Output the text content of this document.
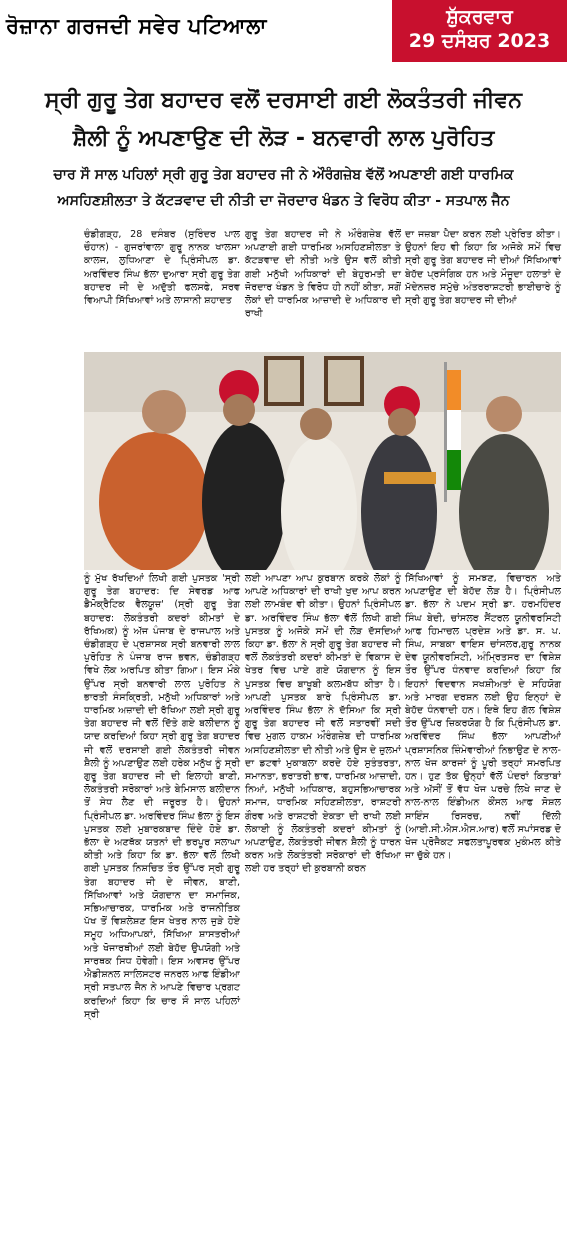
ਰੋਜ਼ਾਨਾ ਗਰਜਦੀ ਸਵੇਰ ਪਟਿਆਲਾ	ਸ਼ੁੱਕਰਵਾਰ
29 ਦਸੰਬਰ 2023
ਸ੍ਰੀ ਗੁਰੂ ਤੇਗ ਬਹਾਦਰ ਵਲੋਂ ਦਰਸਾਈ ਗਈ ਲੋਕਤੰਤਰੀ ਜੀਵਨ
ਸ਼ੈਲੀ ਨੂੰ ਅਪਣਾਉਣ ਦੀ ਲੋੜ - ਬਨਵਾਰੀ ਲਾਲ ਪੁਰੋਹਿਤ
ਚਾਰ ਸੌ ਸਾਲ ਪਹਿਲਾਂ ਸ੍ਰੀ ਗੁਰੂ ਤੇਗ ਬਹਾਦਰ ਜੀ ਨੇ ਔਰੰਗਜ਼ੇਬ ਵੱਲੋਂ ਅਪਣਾਈ ਗਈ ਧਾਰਮਿਕ
ਅਸਹਿਣਸ਼ੀਲਤਾ ਤੇ ਕੱਟੜਵਾਦ ਦੀ ਨੀਤੀ ਦਾ ਜੋਰਦਾਰ ਖੰਡਨ ਤੇ ਵਿਰੋਧ ਕੀਤਾ - ਸਤਪਾਲ ਜੈਨ

ਚੰਡੀਗੜ੍ਹ, 28 ਦਸੰਬਰ (ਸੁਰਿੰਦਰ ਪਾਲ ਚੌਹਾਨ) - ਗੁਜਰਾਂਵਾਲਾ ਗੁਰੂ ਨਾਨਕ ਖਾਲਸਾ ਕਾਲਜ, ਲੁਧਿਆਣਾ ਦੇ ਪ੍ਰਿੰਸੀਪਲ ਡਾ. ਅਰਵਿੰਦਰ ਸਿੰਘ ਭੱਲਾ ਦੁਆਰਾ ਸ੍ਰੀ ਗੁਰੂ ਤੇਗ ਬਹਾਦਰ ਜੀ ਦੇ ਅਦੁੱਤੀ ਫਲਸਫੇ, ਸਰਵ ਵਿਆਪੀ ਸਿੱਖਿਆਵਾਂ ਅਤੇ ਲਾਸਾਨੀ ਸ਼ਹਾਦਤ

ਗੁਰੂ ਤੇਗ ਬਹਾਦਰ ਜੀ ਨੇ ਔਰੰਗਜ਼ੇਬ ਵੱਲੋਂ ਅਪਣਾਈ ਗਈ ਧਾਰਮਿਕ ਅਸਹਿਣਸ਼ੀਲਤਾ ਤੇ ਕੱਟੜਵਾਦ ਦੀ ਨੀਤੀ ਅਤੇ ਉਸ ਵਲੋਂ ਕੀਤੀ ਗਈ ਮਨੁੱਖੀ ਅਧਿਕਾਰਾਂ ਦੀ ਬੇਹੁਰਮਤੀ ਦਾ ਜੋਰਦਾਰ ਖੰਡਨ ਤੇ ਵਿਰੋਧ ਹੀ ਨਹੀਂ ਕੀਤਾ, ਸਗੋਂ ਲੋਕਾਂ ਦੀ ਧਾਰਮਿਕ ਆਜ਼ਾਦੀ ਦੇ ਅਧਿਕਾਰ ਦੀ ਰਾਖੀ

ਦਾ ਜਜ਼ਬਾ ਪੈਦਾ ਕਰਨ ਲਈ ਪ੍ਰੇਰਿਤ ਕੀਤਾ। ਉਹਨਾਂ ਇਹ ਵੀ ਕਿਹਾ ਕਿ ਅਜੋਕੇ ਸਮੇਂ ਵਿਚ ਸ੍ਰੀ ਗੁਰੂ ਤੇਗ ਬਹਾਦਰ ਜੀ ਦੀਆਂ ਸਿੱਖਿਆਵਾਂ ਬੇਹੱਦ ਪ੍ਰਸੰਗਿਕ ਹਨ ਅਤੇ ਮੌਜੂਦਾ ਹਲਾਤਾਂ ਦੇ ਮੱਦੇਨਜ਼ਰ ਸਮੁੱਚੇ ਅੰਤਰਰਾਸ਼ਟਰੀ ਭਾਈਚਾਰੇ ਨੂੰ ਸ੍ਰੀ ਗੁਰੂ ਤੇਗ ਬਹਾਦਰ ਜੀ ਦੀਆਂ

ਨੂੰ ਮੁੱਖ ਰੱਖਦਿਆਂ ਲਿਖੀ ਗਈ ਪੁਸਤਕ 'ਸ੍ਰੀ ਗੁਰੂ ਤੇਗ ਬਹਾਦਰ: ਦਿ ਸੇਵਰਡ ਆਫ ਡੈਮੋਕ੍ਰੈਟਿਕ ਵੈਲਯੂਜ਼' (ਸ੍ਰੀ ਗੁਰੂ ਤੇਗ ਬਹਾਦਰ: ਲੋਕਤੰਤਰੀ ਕਦਰਾਂ ਕੀਮਤਾਂ ਦੇ ਰੱਖਿਅਕ) ਨੂੰ ਅੱਜ ਪੰਜਾਬ ਦੇ ਰਾਜਪਾਲ ਅਤੇ ਚੰਡੀਗੜ੍ਹ ਦੇ ਪ੍ਰਸ਼ਾਸਕ ਸ੍ਰੀ ਬਨਵਾਰੀ ਲਾਲ ਪੁਰੋਹਿਤ ਨੇ ਪੰਜਾਬ ਰਾਜ ਭਵਨ, ਚੰਡੀਗੜ੍ਹ ਵਿਖੇ ਲੋਕ ਅਰਪਿਤ ਕੀਤਾ ਗਿਆ। ਇਸ ਮੌਕੇ ਉੱਪਰ ਸ੍ਰੀ ਬਨਵਾਰੀ ਲਾਲ ਪੁਰੋਹਿਤ ਨੇ ਭਾਰਤੀ ਸੰਸਕ੍ਰਿਤੀ, ਮਨੁੱਖੀ ਅਧਿਕਾਰਾਂ ਅਤੇ ਧਾਰਮਿਕ ਅਜ਼ਾਦੀ ਦੀ ਰੱਖਿਆ ਲਈ ਸ੍ਰੀ ਗੁਰੂ ਤੇਗ ਬਹਾਦਰ ਜੀ ਵਲੋਂ ਦਿੱਤੇ ਗਏ ਬਲੀਦਾਨ ਨੂੰ ਯਾਦ ਕਰਦਿਆਂ ਕਿਹਾ ਸ੍ਰੀ ਗੁਰੂ ਤੇਗ ਬਹਾਦਰ ਜੀ ਵਲੋਂ ਦਰਸਾਈ ਗਈ ਲੋਕਤੰਤਰੀ ਜੀਵਨ ਸ਼ੈਲੀ ਨੂੰ ਅਪਣਾਉਣ ਲਈ ਹਰੇਕ ਮਨੁੱਖ ਨੂੰ ਸ੍ਰੀ ਗੁਰੂ ਤੇਗ ਬਹਾਦਰ ਜੀ ਦੀ ਇਲਾਹੀ ਬਾਣੀ, ਲੋਕਤੰਤਰੀ ਸਰੋਕਾਰਾਂ ਅਤੇ ਬੇਮਿਸਾਲ ਬਲੀਦਾਨ ਤੋਂ ਸੇਧ ਲੈਣ ਦੀ ਜਰੂਰਤ ਹੈ। ਉਹਨਾਂ ਪ੍ਰਿੰਸੀਪਲ ਡਾ. ਅਰਵਿੰਦਰ ਸਿੰਘ ਭੱਲਾ ਨੂੰ ਇਸ ਪੁਸਤਕ ਲਈ ਮੁਬਾਰਕਬਾਦ ਦਿੰਦੇ ਹੋਏ ਡਾ. ਭੱਲਾ ਦੇ ਅਣਥੱਕ ਯਤਨਾਂ ਦੀ ਭਰਪੂਰ ਸਲਾਘਾ ਕੀਤੀ ਅਤੇ ਕਿਹਾ ਕਿ ਡਾ. ਭੱਲਾ ਵਲੋਂ ਲਿਖੀ ਗਈ ਪੁਸਤਕ ਨਿਸ਼ਚਿਤ ਤੌਰ ਉੱਪਰ ਸ੍ਰੀ ਗੁਰੂ ਤੇਗ ਬਹਾਦਰ ਜੀ ਦੇ ਜੀਵਨ, ਬਾਣੀ, ਸਿੱਖਿਆਵਾਂ ਅਤੇ ਯੋਗਦਾਨ ਦਾ ਸਮਾਜਿਕ, ਸਭਿਆਚਾਰਕ, ਧਾਰਮਿਕ ਅਤੇ ਰਾਜਨੀਤਿਕ ਪੱਖ ਤੋਂ ਵਿਸ਼ਲੇਸ਼ਣ ਇਸ ਖੇਤਰ ਨਾਲ ਜੁੜੇ ਹੋਏ ਸਮੂਹ ਅਧਿਆਪਕਾਂ, ਸਿੱਖਿਆ ਸ਼ਾਸਤਰੀਆਂ ਅਤੇ ਖੋਜਾਰਥੀਆਂ ਲਈ ਬੇਹੱਦ ਉਪਯੋਗੀ ਅਤੇ ਸਾਰਥਕ ਸਿਧ ਹੋਵੇਗੀ। ਇਸ ਅਵਸਰ ਉੱਪਰ ਐਡੀਸ਼ਨਲ ਸਾਲਿਸਟਰ ਜਨਰਲ ਆਫ ਇੰਡੀਆ ਸ੍ਰੀ ਸਤਪਾਲ ਜੈਨ ਨੇ ਆਪਣੇ ਵਿਚਾਰ ਪ੍ਰਗਟ ਕਰਦਿਆਂ ਕਿਹਾ ਕਿ ਚਾਰ ਸੌ ਸਾਲ ਪਹਿਲਾਂ ਸ੍ਰੀ

ਲਈ ਆਪਣਾ ਆਪ ਕੁਰਬਾਨ ਕਰਕੇ ਲੋਕਾਂ ਨੂੰ ਆਪਣੇ ਅਧਿਕਾਰਾਂ ਦੀ ਰਾਖੀ ਖੁਦ ਆਪ ਕਰਨ ਲਈ ਲਾਮਬੰਦ ਵੀ ਕੀਤਾ। ਉਹਨਾਂ ਪ੍ਰਿੰਸੀਪਲ ਡਾ. ਅਰਵਿੰਦਰ ਸਿੰਘ ਭੱਲਾ ਵੱਲੋਂ ਲਿਖੀ ਗਈ ਪੁਸਤਕ ਨੂੰ ਅਜੋਕੇ ਸਮੇਂ ਦੀ ਲੋੜ ਦੱਸਦਿਆਂ ਕਿਹਾ ਡਾ. ਭੱਲਾ ਨੇ ਸ੍ਰੀ ਗੁਰੂ ਤੇਗ ਬਹਾਦਰ ਜੀ ਵਲੋਂ ਲੋਕਤੰਤਰੀ ਕਦਰਾਂ ਕੀਮਤਾਂ ਦੇ ਵਿਕਾਸ ਦੇ ਖੇਤਰ ਵਿਚ ਪਾਏ ਗਏ ਯੋਗਦਾਨ ਨੂੰ ਇਸ ਪੁਸਤਕ ਵਿਚ ਬਾਖੂਬੀ ਕਲਮਬੱਧ ਕੀਤਾ ਹੈ। ਆਪਣੀ ਪੁਸਤਕ ਬਾਰੇ ਪ੍ਰਿੰਸੀਪਲ ਡਾ. ਅਰਵਿੰਦਰ ਸਿੰਘ ਭੱਲਾ ਨੇ ਦੱਸਿਆ ਕਿ ਸ੍ਰੀ ਗੁਰੂ ਤੇਗ ਬਹਾਦਰ ਜੀ ਵਲੋਂ ਸਤਾਰਵੀਂ ਸਦੀ ਵਿਚ ਮੁਗਲ ਹਾਕਮ ਔਰੰਗਜ਼ੇਬ ਦੀ ਧਾਰਮਿਕ ਅਸਹਿਣਸ਼ੀਲਤਾ ਦੀ ਨੀਤੀ ਅਤੇ ਉਸ ਦੇ ਜ਼ੁਲਮਾਂ ਦਾ ਡਟਵਾਂ ਮੁਕਾਬਲਾ ਕਰਦੇ ਹੋਏ ਸੁਤੰਤਰਤਾ, ਸਮਾਨਤਾ, ਭਰਾਤਰੀ ਭਾਵ, ਧਾਰਮਿਕ ਆਜ਼ਾਦੀ, ਨਿਆਂ, ਮਨੁੱਖੀ ਅਧਿਕਾਰ, ਬਹੁਸਭਿਆਚਾਰਕ ਸਮਾਜ, ਧਾਰਮਿਕ ਸਹਿਣਸ਼ੀਲਤਾ, ਰਾਸ਼ਟਰੀ ਗੌਰਵ ਅਤੇ ਰਾਸ਼ਟਰੀ ਏਕਤਾ ਦੀ ਰਾਖੀ ਲਈ ਲੋਕਾਈ ਨੂੰ ਲੋਕਤੰਤਰੀ ਕਦਰਾਂ ਕੀਮਤਾਂ ਨੂੰ ਅਪਣਾਉਣ, ਲੋਕਤੰਤਰੀ ਜੀਵਨ ਸ਼ੈਲੀ ਨੂੰ ਧਾਰਨ ਕਰਨ ਅਤੇ ਲੋਕਤੰਤਰੀ ਸਰੋਕਾਰਾਂ ਦੀ ਰੱਖਿਆ ਲਈ ਹਰ ਤਰ੍ਹਾਂ ਦੀ ਕੁਰਬਾਨੀ ਕਰਨ

ਸਿੱਖਿਆਵਾਂ ਨੂੰ ਸਮਝਣ, ਵਿਚਾਰਨ ਅਤੇ ਅਪਣਾਉਣ ਦੀ ਬੇਹੱਦ ਲੋੜ ਹੈ। ਪ੍ਰਿੰਸੀਪਲ ਡਾ. ਭੱਲਾ ਨੇ ਪਦਮ ਸ੍ਰੀ ਡਾ. ਹਰਮਹਿੰਦਰ ਸਿੰਘ ਬੇਦੀ, ਚਾਂਸਲਰ ਸੈਂਟਰਲ ਯੂਨੀਵਰਸਿਟੀ ਆਫ ਹਿਮਾਚਲ ਪ੍ਰਦੇਸ਼ ਅਤੇ ਡਾ. ਸ. ਪ. ਸਿੰਘ, ਸਾਬਕਾ ਵਾਇਸ ਚਾਂਸਲਰ,ਗੁਰੂ ਨਾਨਕ ਦੇਵ ਯੂਨੀਵਰਸਿਟੀ, ਅੰਮ੍ਰਿਤਸਰ ਦਾ ਵਿਸ਼ੇਸ਼ ਤੌਰ ਉੱਪਰ ਧੰਨਵਾਦ ਕਰਦਿਆਂ ਕਿਹਾ ਕਿ ਇਹਨਾਂ ਵਿਦਵਾਨ ਸਖਸ਼ੀਅਤਾਂ ਦੇ ਸਹਿਯੋਗ ਅਤੇ ਮਾਰਗ ਦਰਸ਼ਨ ਲਈ ਉਹ ਇਨ੍ਹਾਂ ਦੇ ਬੇਹੱਦ ਧੰਨਵਾਦੀ ਹਨ। ਇਥੇ ਇਹ ਗੱਲ ਵਿਸ਼ੇਸ਼ ਤੌਰ ਉੱਪਰ ਜ਼ਿਕਰਯੋਗ ਹੈ ਕਿ ਪ੍ਰਿੰਸੀਪਲ ਡਾ. ਅਰਵਿੰਦਰ ਸਿੰਘ ਭੱਲਾ ਆਪਣੀਆਂ ਪ੍ਰਸ਼ਾਸਨਿਕ ਜ਼ਿੰਮੇਵਾਰੀਆਂ ਨਿਭਾਉਣ ਦੇ ਨਾਲ-ਨਾਲ ਖੋਜ ਕਾਰਜਾਂ ਨੂੰ ਪੂਰੀ ਤਰ੍ਹਾਂ ਸਮਰਪਿਤ ਹਨ। ਹੁਣ ਤੱਕ ਉਨ੍ਹਾਂ ਵੱਲੋਂ ਪੰਦਰਾਂ ਕਿਤਾਬਾਂ ਅਤੇ ਅੱਸੀਂ ਤੋਂ ਵੱਧ ਖੋਜ ਪਰਚੇ ਲਿਖੇ ਜਾਣ ਦੇ ਨਾਲ-ਨਾਲ ਇੰਡੀਅਨ ਕੌਂਸਲ ਆਫ ਸੋਸ਼ਲ ਸਾਇੰਸ ਰਿਸਰਚ, ਨਵੀਂ ਦਿੱਲੀ (ਆਈ.ਸੀ.ਐਸ.ਐਸ.ਆਰ) ਵਲੋਂ ਸਪਾਂਸਰਡ ਦੋ ਖੋਜ ਪ੍ਰੋਜੈਕਟ ਸਫਲਤਾਪੂਰਵਕ ਮੁਕੰਮਲ ਕੀਤੇ ਜਾ ਚੁੱਕੇ ਹਨ।
